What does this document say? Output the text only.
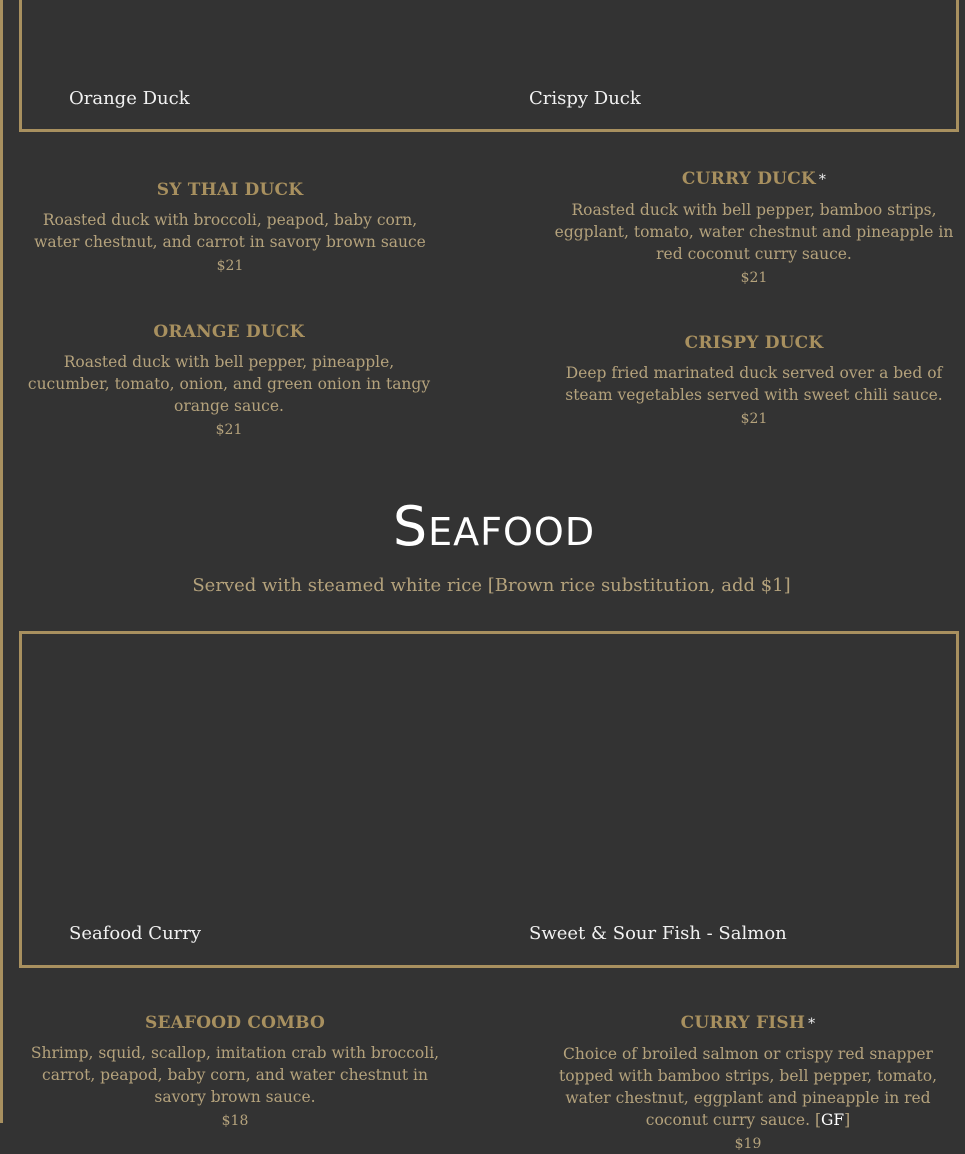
Orange Duck	Crispy Duck
SY THAI DUCK

Roasted duck with broccoli, peapod, baby corn, water chestnut, and carrot in savory brown sauce

$21

CURRY DUCK *

Roasted duck with bell pepper, bamboo strips, eggplant, tomato, water chestnut and pineapple in red coconut curry sauce.

$21

ORANGE DUCK

Roasted duck with bell pepper, pineapple, cucumber, tomato, onion, and green onion in tangy orange sauce.

$21

CRISPY DUCK

Deep fried marinated duck served over a bed of steam vegetables served with sweet chili sauce.

$21

Seafood

Served with steamed white rice [Brown rice substitution, add $1]

Seafood Curry	Sweet & Sour Fish - Salmon
SEAFOOD COMBO

Shrimp, squid, scallop, imitation crab with broccoli, carrot, peapod, baby corn, and water chestnut in savory brown sauce.

$18

CURRY FISH *

Choice of broiled salmon or crispy red snapper topped with bamboo strips, bell pepper, tomato, water chestnut, eggplant and pineapple in red coconut curry sauce. [GF]

$19
